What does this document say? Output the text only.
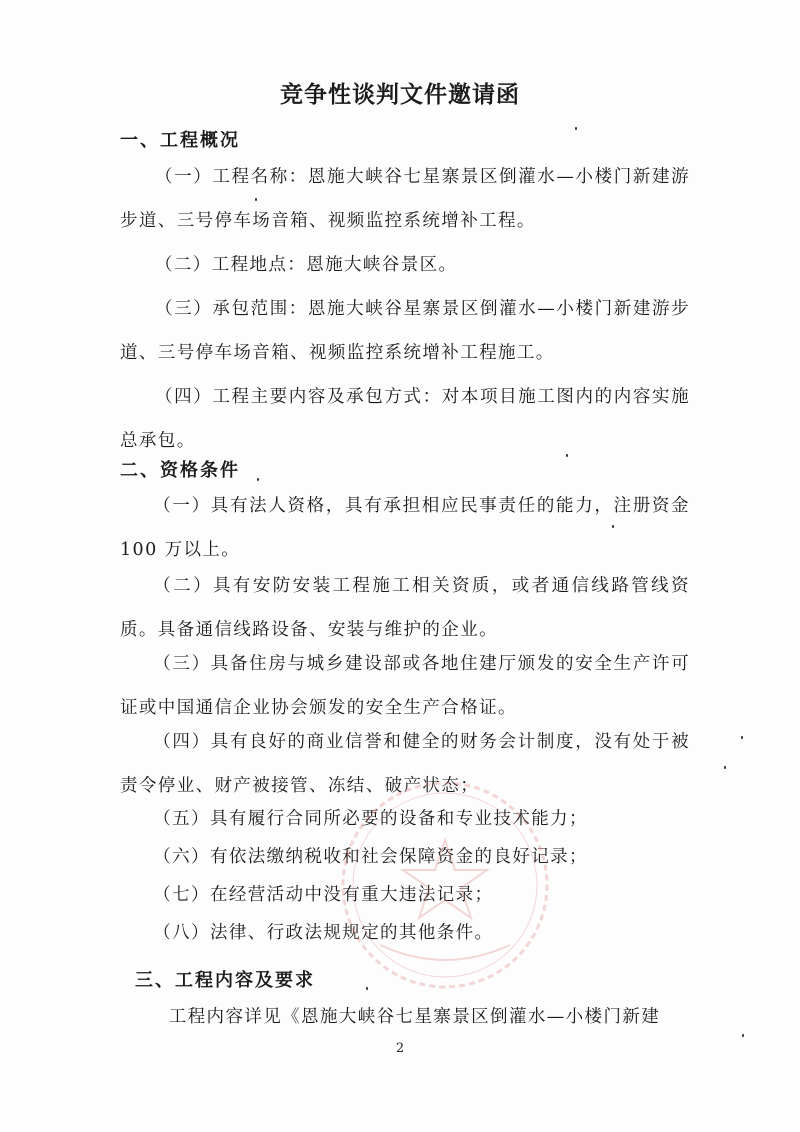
竞争性谈判文件邀请函
一、工程概况

（一）工程名称：恩施大峡谷七星寨景区倒灌水—小楼门新建游步道、三号停车场音箱、视频监控系统增补工程。

（二）工程地点：恩施大峡谷景区。

（三）承包范围：恩施大峡谷星寨景区倒灌水—小楼门新建游步道、三号停车场音箱、视频监控系统增补工程施工。

（四）工程主要内容及承包方式：对本项目施工图内的内容实施总承包。

二、资格条件

（一）具有法人资格，具有承担相应民事责任的能力，注册资金 100 万以上。

（二）具有安防安装工程施工相关资质，或者通信线路管线资质。具备通信线路设备、安装与维护的企业。

（三）具备住房与城乡建设部或各地住建厅颁发的安全生产许可证或中国通信企业协会颁发的安全生产合格证。

（四）具有良好的商业信誉和健全的财务会计制度，没有处于被责令停业、财产被接管、冻结、破产状态；

（五）具有履行合同所必要的设备和专业技术能力；

（六）有依法缴纳税收和社会保障资金的良好记录；

（七）在经营活动中没有重大违法记录；

（八）法律、行政法规规定的其他条件。

三、工程内容及要求

工程内容详见《恩施大峡谷七星寨景区倒灌水—小楼门新建

2
